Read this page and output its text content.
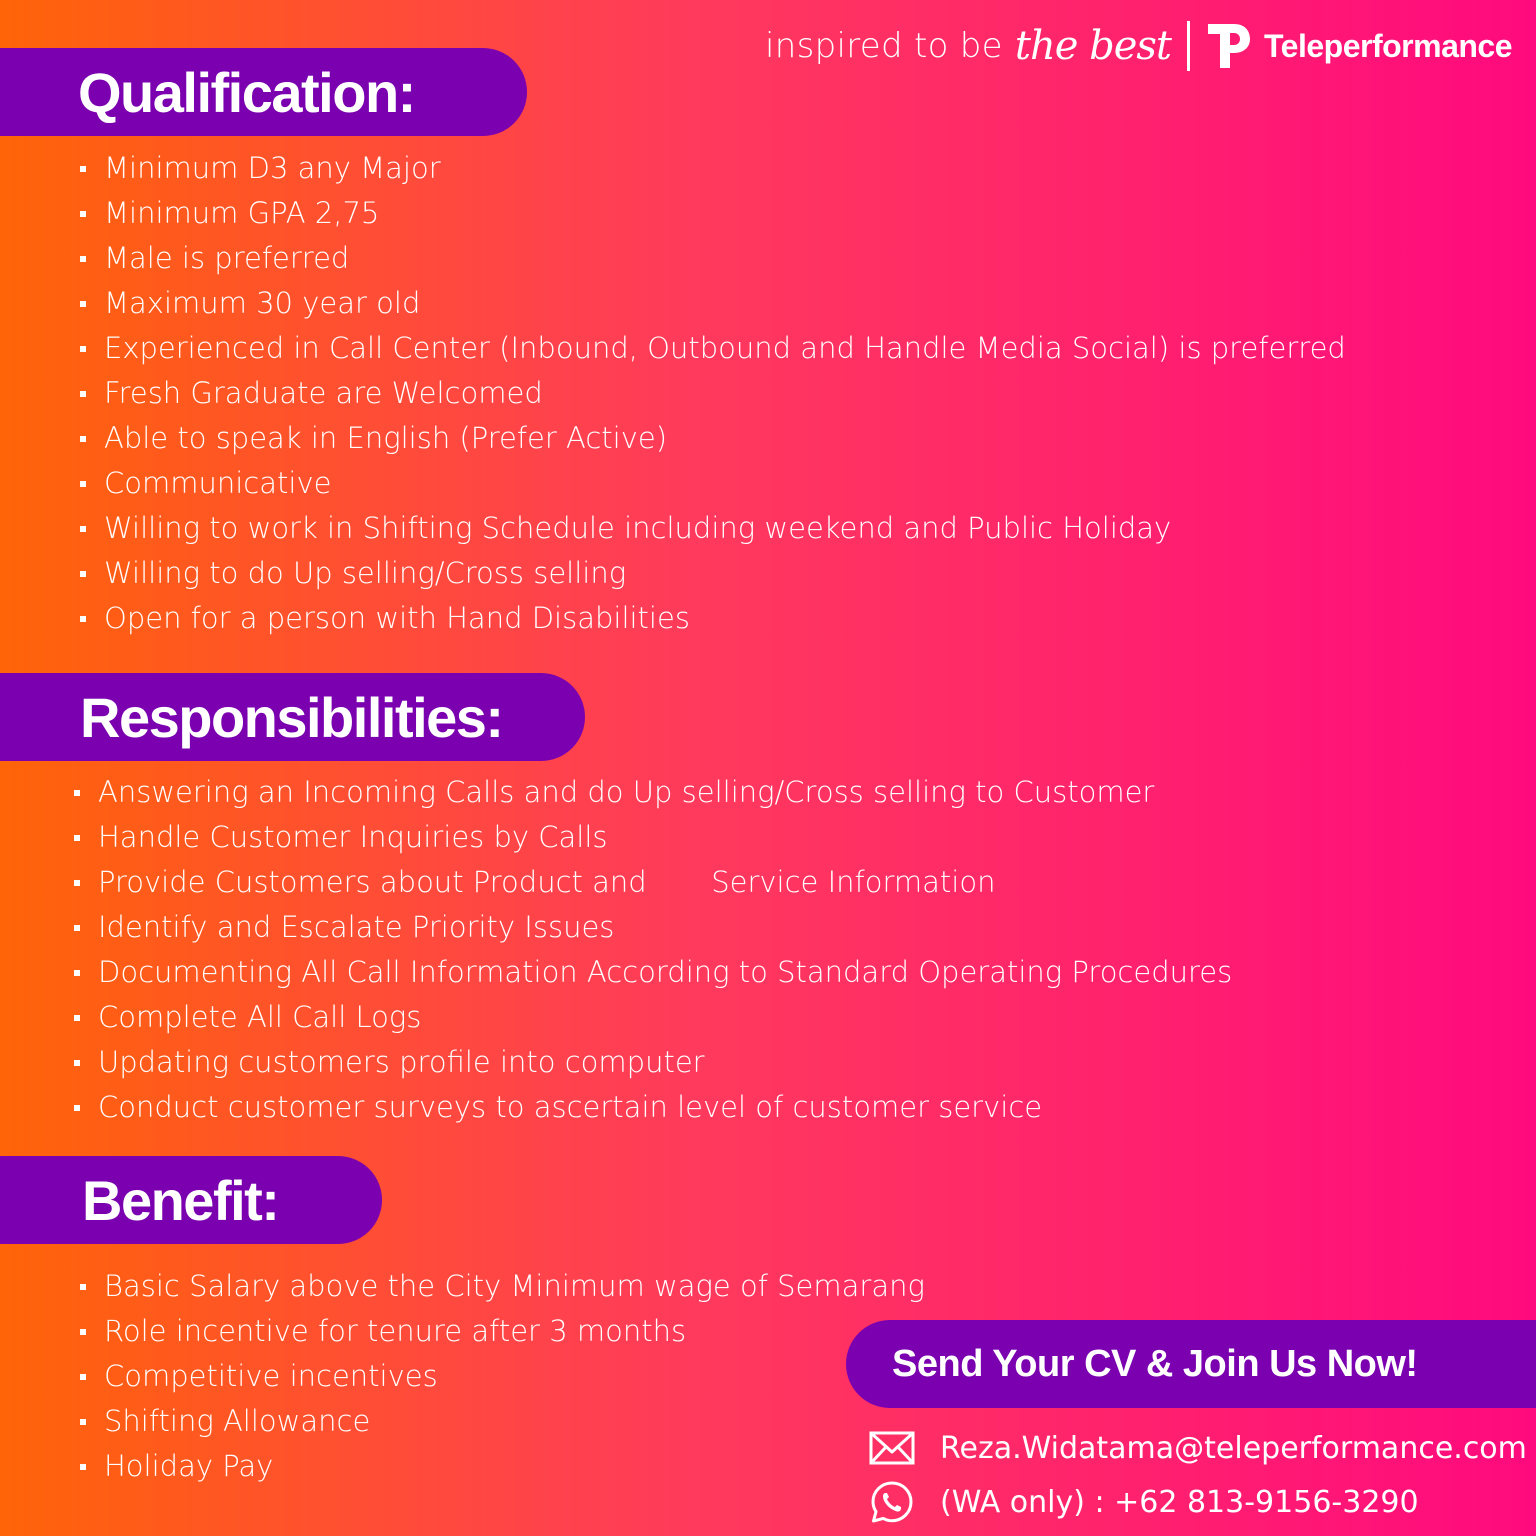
inspired to be the best	Teleperformance
Qualification:
Minimum D3 any Major
Minimum GPA 2,75
Male is preferred
Maximum 30 year old
Experienced in Call Center (Inbound, Outbound and Handle Media Social) is preferred
Fresh Graduate are Welcomed
Able to speak in English (Prefer Active)
Communicative
Willing to work in Shifting Schedule including weekend and Public Holiday
Willing to do Up selling/Cross selling
Open for a person with Hand Disabilities
Responsibilities:
Answering an Incoming Calls and do Up selling/Cross selling to Customer
Handle Customer Inquiries by Calls
Provide Customers about Product and       Service Information
Identify and Escalate Priority Issues
Documenting All Call Information According to Standard Operating Procedures
Complete All Call Logs
Updating customers profile into computer
Conduct customer surveys to ascertain level of customer service
Benefit:
Basic Salary above the City Minimum wage of Semarang
Role incentive for tenure after 3 months
Competitive incentives
Shifting Allowance
Holiday Pay
Send Your CV & Join Us Now!
Reza.Widatama@teleperformance.com
(WA only) : +62 813-9156-3290
